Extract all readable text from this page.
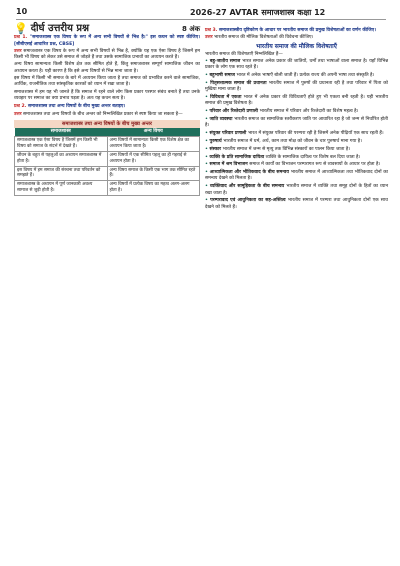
10	2026-27 AVTAR समाजशास्त्र कक्षा 12
💡 दीर्घ उत्तरीय प्रश्न	8 अंक

प्रश्न 1. "समाजशास्त्र एक विषय के रूप में अन्य सभी विषयों से भिन्न है।" इस कथन को स्पष्ट कीजिए। [सीबीएसई आधारित प्रश्न, CBSE]

उत्तर समाजशास्त्र एक विषय के रूप में अन्य सभी विषयों से भिन्न है, क्योंकि यह एक ऐसा विषय है जिसमें हम किसी भी विषय को लेकर उसे समाज से जोड़ते हैं तथा उसके सामाजिक प्रभावों का अध्ययन करते हैं।

अन्य विषय सामान्यतः किसी विशेष क्षेत्र तक सीमित होते हैं, किंतु समाजशास्त्र सम्पूर्ण सामाजिक जीवन का अध्ययन करता है। यही कारण है कि इसे अन्य विषयों से भिन्न माना जाता है।

इस विषय में किसी भी समाज के बारे में अध्ययन किया जाता है तथा समाज को प्रभावित करने वाले सामाजिक, आर्थिक, राजनीतिक तथा सांस्कृतिक कारकों को ध्यान में रखा जाता है।

समाजशास्त्र में हम यह भी जानते हैं कि समाज में रहने वाले लोग किस प्रकार परस्पर संबंध बनाते हैं तथा उनके व्यवहार पर समाज का क्या प्रभाव पड़ता है। अतः यह कथन सत्य है।

प्रश्न 2. समाजशास्त्र तथा अन्य विषयों के बीच मुख्य अन्तर बताइए।

उत्तर समाजशास्त्र तथा अन्य विषयों के बीच अन्तर को निम्नलिखित प्रकार से स्पष्ट किया जा सकता है—

समाजशास्त्र तथा अन्य विषयों के बीच मुख्य अन्तर
समाजशास्त्र	अन्य विषय
समाजशास्त्र एक ऐसा विषय है जिसमें हम किसी भी विषय को समाज के संदर्भ में देखते हैं।	अन्य विषयों में सामान्यतः किसी एक विशेष क्षेत्र का अध्ययन किया जाता है।
जीवन के बहुत से पहलुओं का अध्ययन समाजशास्त्र में होता है।	अन्य विषयों में एक सीमित पहलू का ही गहराई से अध्ययन होता है।
इस विषय में हम समाज की संरचना तथा परिवर्तन को समझते हैं।	अन्य विषय समाज के किसी एक भाग तक सीमित रहते हैं।
समाजशास्त्र के अध्ययन में पूर्ण जानकारी अवश्य सामाज से जुड़ी होती है।	अन्य विषयों में प्रत्येक विषय का महत्व अलग-अलग होता है।

प्रश्न 3. समाजशास्त्रीय दृष्टिकोण के आधार पर भारतीय समाज की प्रमुख विशेषताओं का वर्णन कीजिए।

उत्तर भारतीय समाज की मौलिक विशेषताओं की विवेचना कीजिए।

भारतीय समाज की मौलिक विशेषताएँ

भारतीय समाज की विशेषताएँ निम्नलिखित हैं—

• बहु-जातीय समाज भारत समाज अनेक प्रकार की जातियों, धर्मों तथा भाषाओं वाला समाज है। यहाँ विभिन्न प्रकार के लोग एक साथ रहते हैं।

• बहुभाषी समाज भारत में अनेक भाषाएँ बोली जाती हैं। प्रत्येक राज्य की अपनी भाषा तथा संस्कृति है।

• पितृसत्तात्मक समाज की प्रधानता भारतीय समाज में पुरुषों की प्रधानता रही है तथा परिवार में पिता को मुखिया माना जाता है।

• विविधता में एकता भारत में अनेक प्रकार की विविधताएँ होते हुए भी एकता बनी रहती है। यही भारतीय समाज की प्रमुख विशेषता है।

• परिवार और रिश्तेदारी प्रणाली भारतीय समाज में परिवार और रिश्तेदारी का विशेष महत्व है।

• जाति व्यवस्था भारतीय समाज का सामाजिक स्तरीकरण जाति पर आधारित रहा है जो जन्म से निर्धारित होती है।

• संयुक्त परिवार प्रणाली भारत में संयुक्त परिवार की परम्परा रही है जिसमें अनेक पीढ़ियाँ एक साथ रहती हैं।

• पुरुषार्थ भारतीय समाज में धर्म, अर्थ, काम तथा मोक्ष को जीवन के चार पुरुषार्थ माना गया है।

• संस्कार भारतीय समाज में जन्म से मृत्यु तक विभिन्न संस्कारों का पालन किया जाता है।

• व्यक्ति के प्रति सामाजिक दायित्व व्यक्ति के सामाजिक दायित्व पर विशेष बल दिया जाता है।

• समाज में श्रम विभाजन समाज में कार्यों का विभाजन परम्परागत रूप से व्यवसायों के आधार पर होता है।

• आध्यात्मिकता और भौतिकवाद के बीच समन्वय भारतीय समाज में आध्यात्मिकता तथा भौतिकवाद दोनों का समन्वय देखने को मिलता है।

• व्यक्तिवाद और सामूहिकता के बीच समन्वय भारतीय समाज में व्यक्ति तथा समूह दोनों के हितों का ध्यान रखा जाता है।

• परम्परावाद एवं आधुनिकता का सह-अस्तित्व भारतीय समाज में परम्परा तथा आधुनिकता दोनों एक साथ देखने को मिलते हैं।
